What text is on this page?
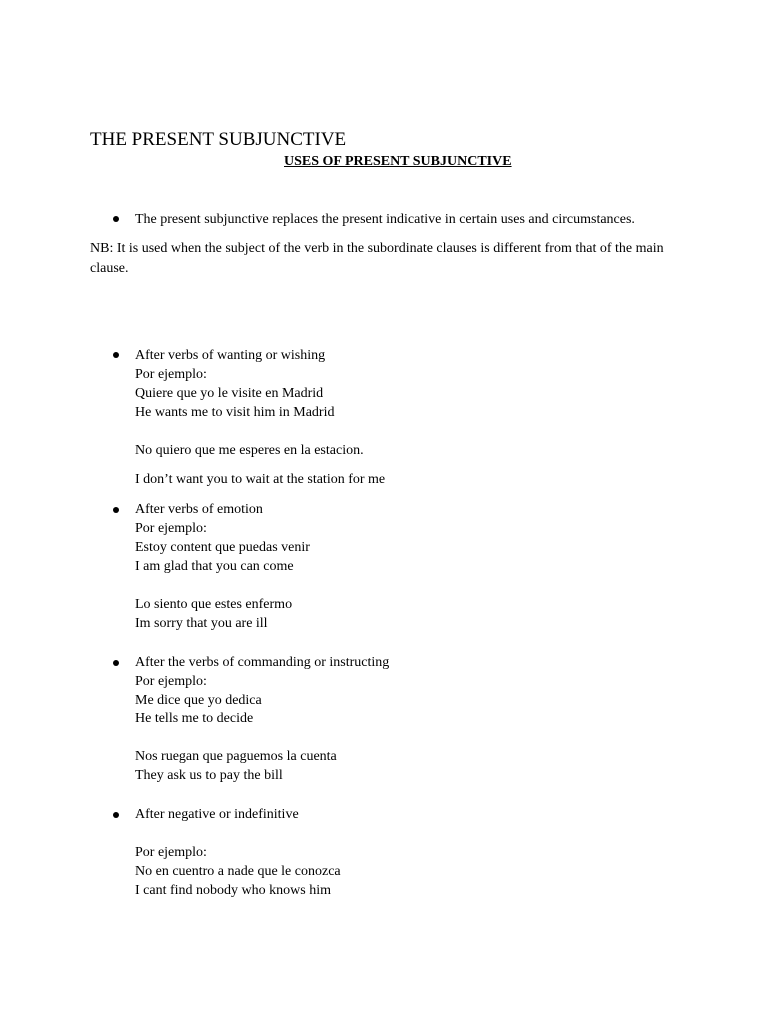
THE PRESENT SUBJUNCTIVE
USES OF PRESENT SUBJUNCTIVE
The present subjunctive replaces the present indicative in certain uses and circumstances.
NB: It is used when the subject of the verb in the subordinate clauses is different from that of the main clause.
After verbs of wanting or wishing
Por ejemplo:
Quiere que yo le visite en Madrid
He wants me to visit him in Madrid
No quiero que me esperes en la estacion.
I don’t want you to wait at the station for me
After verbs of emotion
Por ejemplo:
Estoy content que puedas venir
I am glad that you can come
Lo siento que estes enfermo
Im sorry that you are ill
After the verbs of commanding or instructing
Por ejemplo:
Me dice que yo dedica
He tells me to decide
Nos ruegan que paguemos la cuenta
They ask us to pay the bill
After negative or indefinitive
Por ejemplo:
No en cuentro a nade que le conozca
I cant find nobody who knows him
